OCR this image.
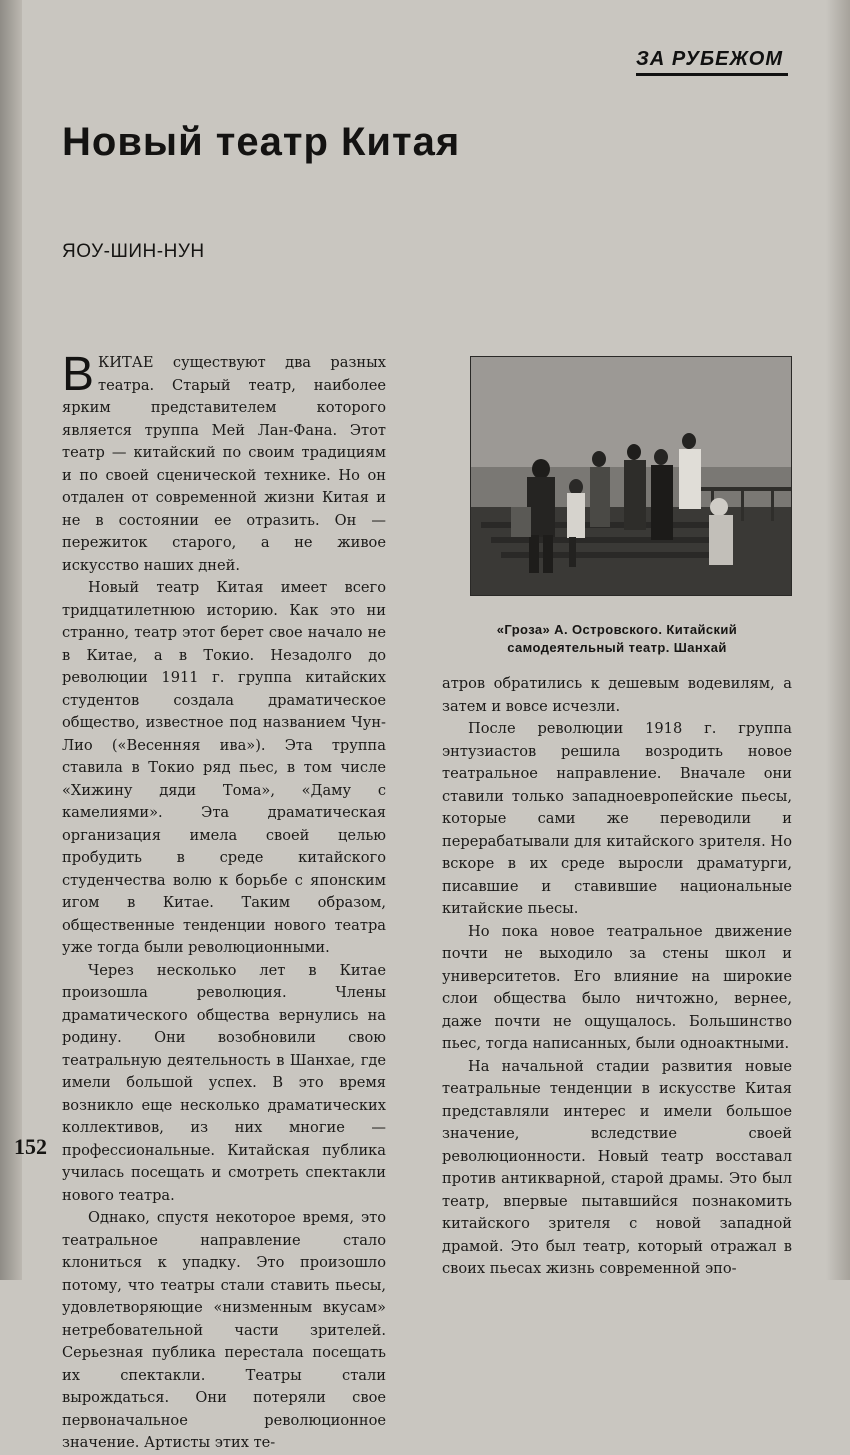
ЗА РУБЕЖОМ
Новый театр Китая
ЯОУ-ШИН-НУН

ВКИТАЕ существуют два разных театра. Старый театр, наиболее ярким представителем которого является труппа Мей Лан-Фана. Этот театр — китайский по своим традициям и по своей сценической технике. Но он отдален от современной жизни Китая и не в состоянии ее отразить. Он — пережиток старого, а не живое искусство наших дней.

Новый театр Китая имеет всего тридцатилетнюю историю. Как это ни странно, театр этот берет свое начало не в Китае, а в Токио. Незадолго до революции 1911 г. группа китайских студентов создала драматическое общество, известное под названием Чун-Лио («Весенняя ива»). Эта труппа ставила в Токио ряд пьес, в том числе «Хижину дяди Тома», «Даму с камелиями». Эта драматическая организация имела своей целью пробудить в среде китайского студенчества волю к борьбе с японским игом в Китае. Таким образом, общественные тенденции нового театра уже тогда были революционными.

Через несколько лет в Китае произошла революция. Члены драматического общества вернулись на родину. Они возобновили свою театральную деятельность в Шанхае, где имели большой успех. В это время возникло еще несколько драматических коллективов, из них многие — профессиональные. Китайская публика училась посещать и смотреть спектакли нового театра.

Однако, спустя некоторое время, это театральное направление стало клониться к упадку. Это произошло потому, что театры стали ставить пьесы, удовлетворяющие «низменным вкусам» нетребовательной части зрителей. Серьезная публика перестала посещать их спектакли. Театры стали вырождаться. Они потеряли свое первоначальное революционное значение. Артисты этих те-

«Гроза» А. Островского. Китайский
самодеятельный театр. Шанхай

атров обратились к дешевым водевилям, а затем и вовсе исчезли.

После революции 1918 г. группа энтузиастов решила возродить новое театральное направление. Вначале они ставили только западноевропейские пьесы, которые сами же переводили и перерабатывали для китайского зрителя. Но вскоре в их среде выросли драматурги, писавшие и ставившие национальные китайские пьесы.

Но пока новое театральное движение почти не выходило за стены школ и университетов. Его влияние на широкие слои общества было ничтожно, вернее, даже почти не ощущалось. Большинство пьес, тогда написанных, были одноактными.

На начальной стадии развития новые театральные тенденции в искусстве Китая представляли интерес и имели большое значение, вследствие своей революционности. Новый театр восставал против антикварной, старой драмы. Это был театр, впервые пытавшийся познакомить китайского зрителя с новой западной драмой. Это был театр, который отражал в своих пьесах жизнь современной эпо-

152
